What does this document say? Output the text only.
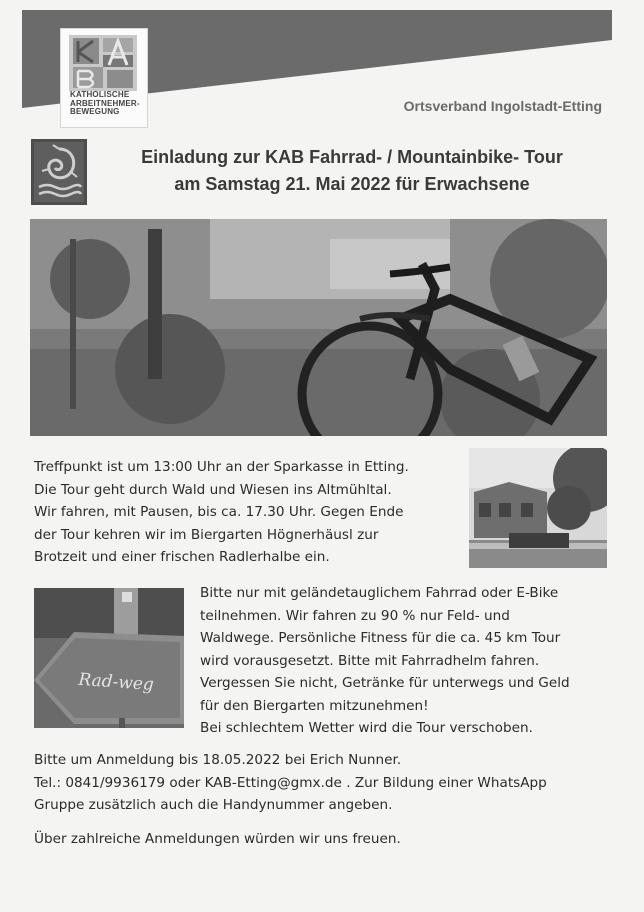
KATHOLISCHE
ARBEITNEHMER-
BEWEGUNG	Ortsverband Ingolstadt-Etting
Einladung zur KAB Fahrrad- / Mountainbike- Tour
am Samstag 21. Mai 2022 für Erwachsene
Rad-weg

Treffpunkt ist um 13:00 Uhr an der Sparkasse in Etting.
Die Tour geht durch Wald und Wiesen ins Altmühltal.
Wir fahren, mit Pausen, bis ca. 17.30 Uhr. Gegen Ende
der Tour kehren wir im Biergarten Högnerhäusl zur
Brotzeit und einer frischen Radlerhalbe ein.

Bitte nur mit geländetauglichem Fahrrad oder E-Bike
teilnehmen. Wir fahren zu 90 % nur Feld- und
Waldwege. Persönliche Fitness für die ca. 45 km Tour
wird vorausgesetzt. Bitte mit Fahrradhelm fahren.
Vergessen Sie nicht, Getränke für unterwegs und Geld
für den Biergarten mitzunehmen!
Bei schlechtem Wetter wird die Tour verschoben.

Bitte um Anmeldung bis 18.05.2022 bei Erich Nunner.
Tel.: 0841/9936179 oder KAB-Etting@gmx.de . Zur Bildung einer WhatsApp
Gruppe zusätzlich auch die Handynummer angeben.

Über zahlreiche Anmeldungen würden wir uns freuen.
